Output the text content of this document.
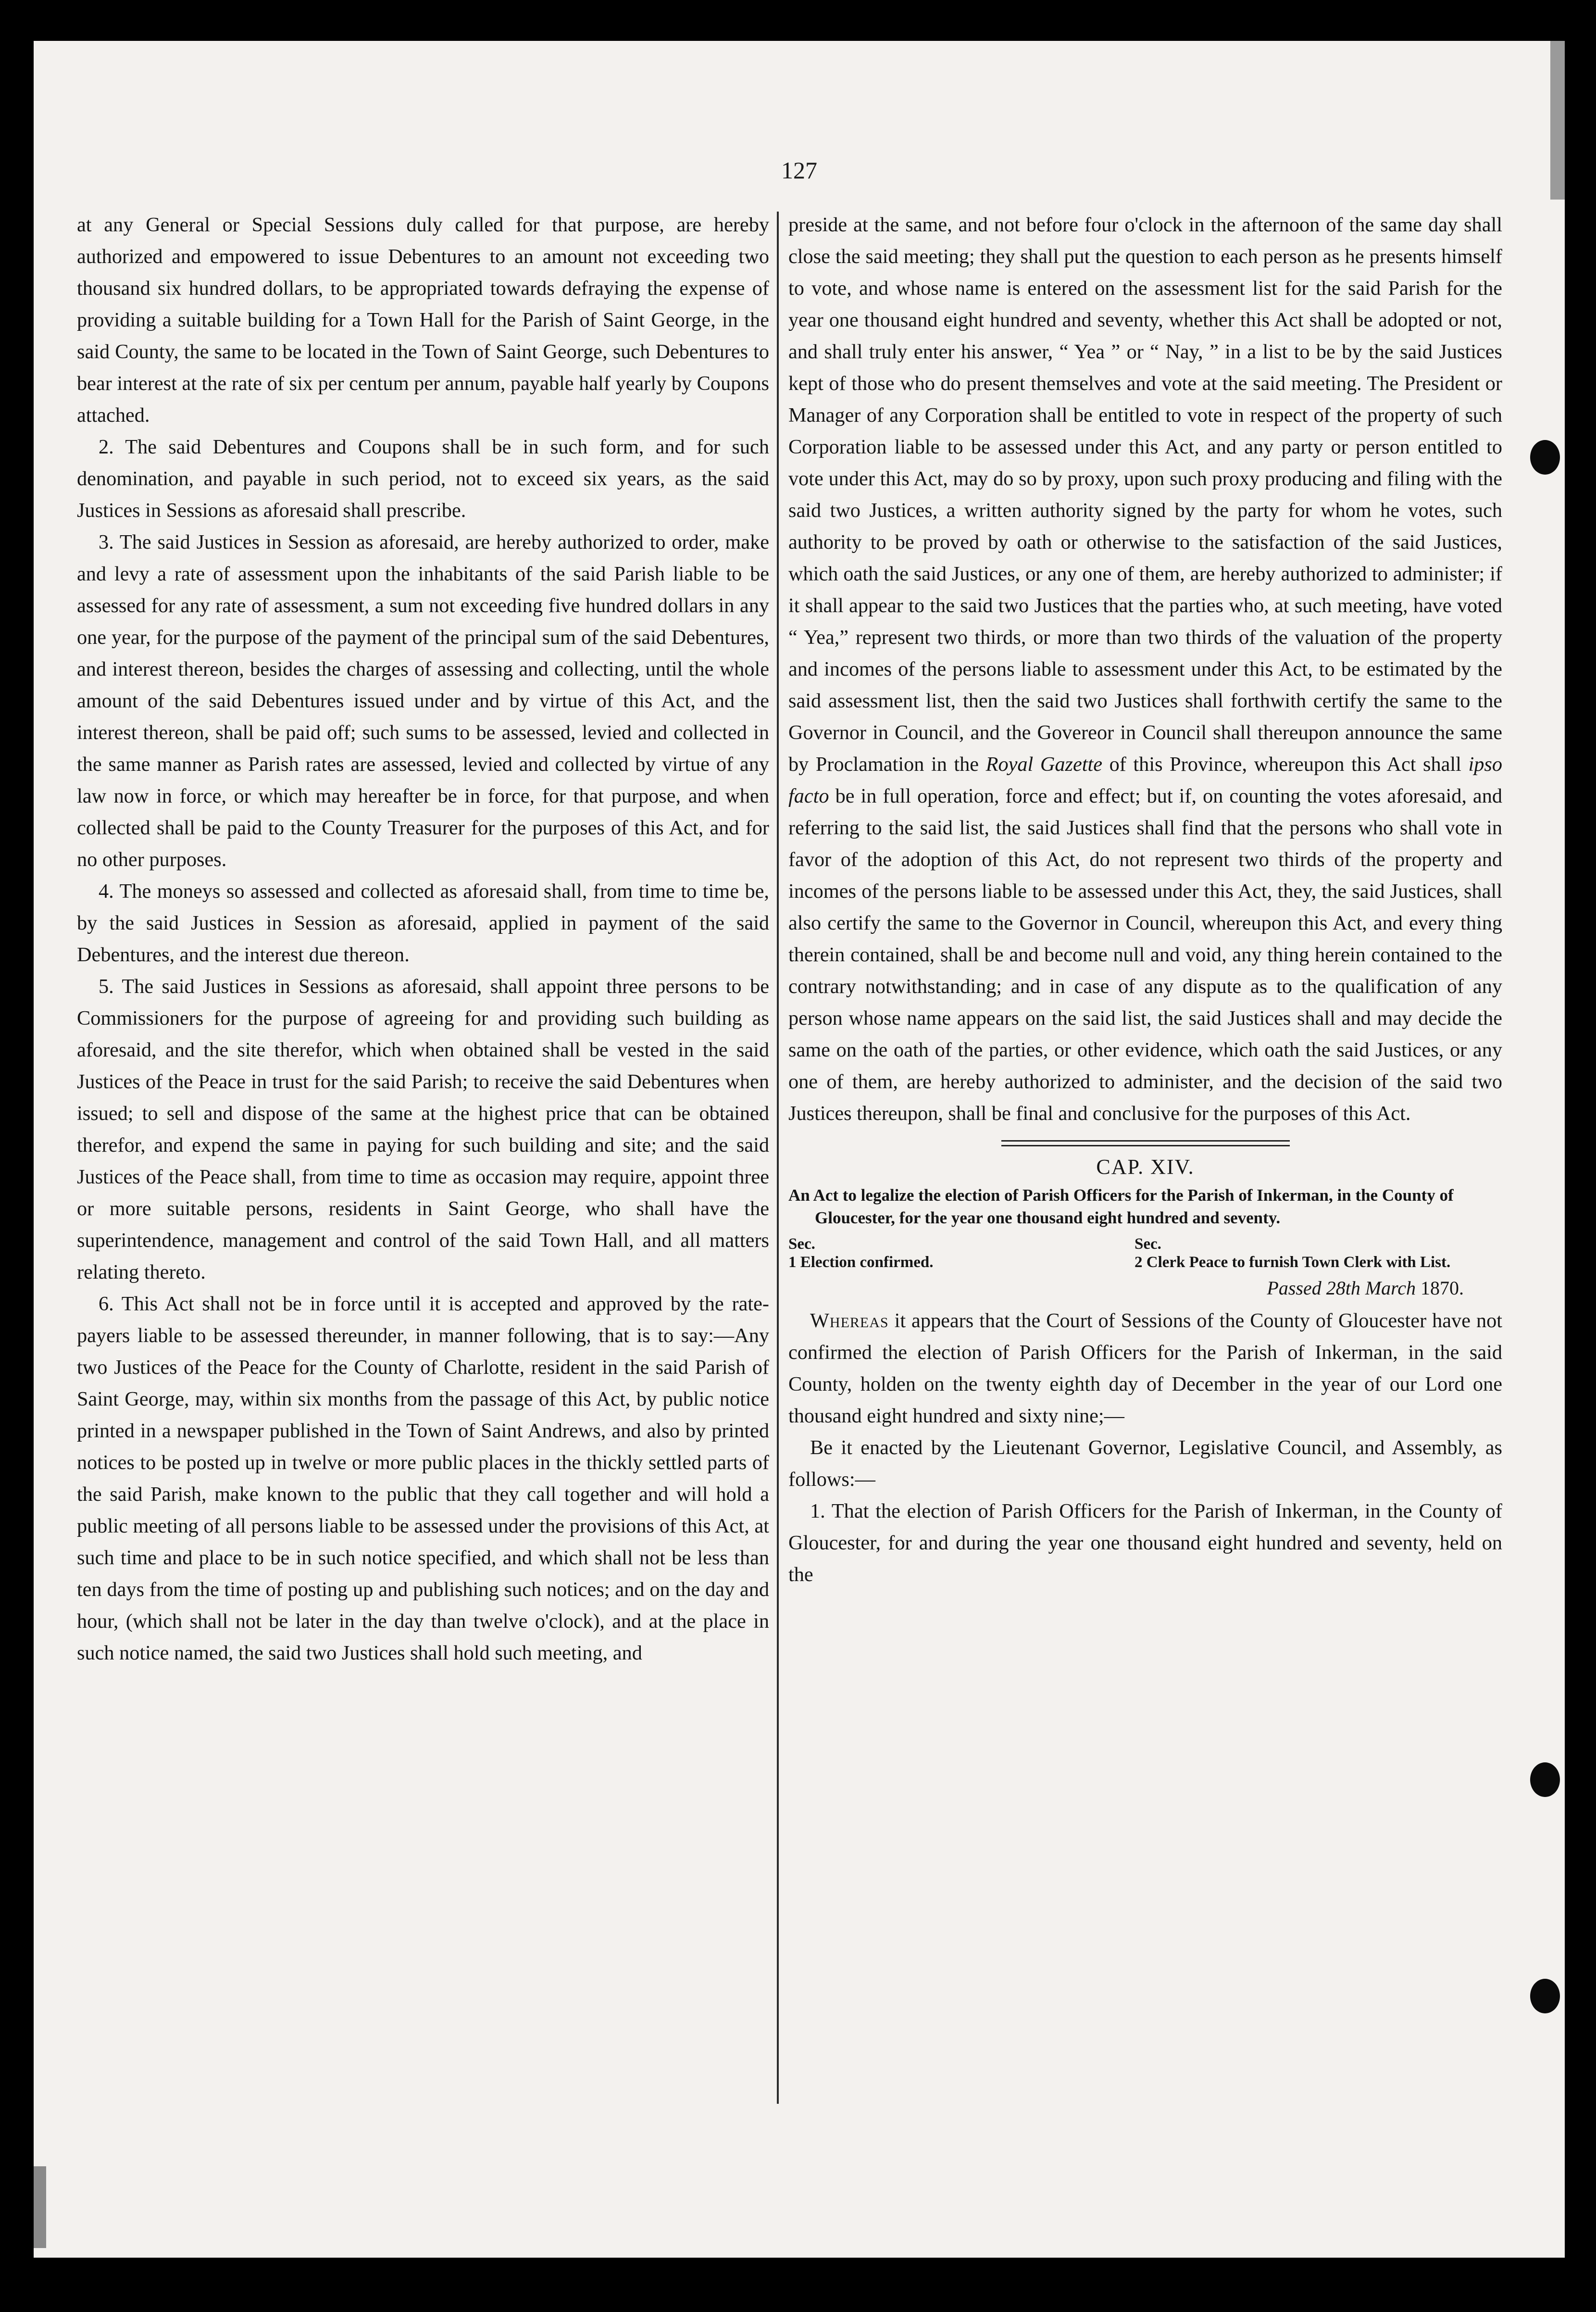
127

at any General or Special Sessions duly called for that purpose, are hereby authorized and empowered to issue Debentures to an amount not exceeding two thousand six hundred dollars, to be appropriated towards defraying the expense of providing a suitable building for a Town Hall for the Parish of Saint George, in the said County, the same to be located in the Town of Saint George, such Debentures to bear interest at the rate of six per centum per annum, payable half yearly by Coupons attached.

2. The said Debentures and Coupons shall be in such form, and for such denomination, and payable in such period, not to exceed six years, as the said Justices in Sessions as aforesaid shall prescribe.

3. The said Justices in Session as aforesaid, are hereby authorized to order, make and levy a rate of assessment upon the inhabitants of the said Parish liable to be assessed for any rate of assessment, a sum not exceeding five hundred dollars in any one year, for the purpose of the payment of the principal sum of the said Debentures, and interest thereon, besides the charges of assessing and collecting, until the whole amount of the said Debentures issued under and by virtue of this Act, and the interest thereon, shall be paid off; such sums to be assessed, levied and collected in the same manner as Parish rates are assessed, levied and collected by virtue of any law now in force, or which may hereafter be in force, for that purpose, and when collected shall be paid to the County Treasurer for the purposes of this Act, and for no other purposes.

4. The moneys so assessed and collected as aforesaid shall, from time to time be, by the said Justices in Session as aforesaid, applied in payment of the said Debentures, and the interest due thereon.

5. The said Justices in Sessions as aforesaid, shall appoint three persons to be Commissioners for the purpose of agreeing for and providing such building as aforesaid, and the site therefor, which when obtained shall be vested in the said Justices of the Peace in trust for the said Parish; to receive the said Debentures when issued; to sell and dispose of the same at the highest price that can be obtained therefor, and expend the same in paying for such building and site; and the said Justices of the Peace shall, from time to time as occasion may require, appoint three or more suitable persons, residents in Saint George, who shall have the superintendence, management and control of the said Town Hall, and all matters relating thereto.

6. This Act shall not be in force until it is accepted and approved by the rate-payers liable to be assessed thereunder, in manner following, that is to say:—Any two Justices of the Peace for the County of Charlotte, resident in the said Parish of Saint George, may, within six months from the passage of this Act, by public notice printed in a newspaper published in the Town of Saint Andrews, and also by printed notices to be posted up in twelve or more public places in the thickly settled parts of the said Parish, make known to the public that they call together and will hold a public meeting of all persons liable to be assessed under the provisions of this Act, at such time and place to be in such notice specified, and which shall not be less than ten days from the time of posting up and publishing such notices; and on the day and hour, (which shall not be later in the day than twelve o'clock), and at the place in such notice named, the said two Justices shall hold such meeting, and

preside at the same, and not before four o'clock in the afternoon of the same day shall close the said meeting; they shall put the question to each person as he presents himself to vote, and whose name is entered on the assessment list for the said Parish for the year one thousand eight hundred and seventy, whether this Act shall be adopted or not, and shall truly enter his answer, “ Yea ” or “ Nay, ” in a list to be by the said Justices kept of those who do present themselves and vote at the said meeting. The President or Manager of any Corporation shall be entitled to vote in respect of the property of such Corporation liable to be assessed under this Act, and any party or person entitled to vote under this Act, may do so by proxy, upon such proxy producing and filing with the said two Justices, a written authority signed by the party for whom he votes, such authority to be proved by oath or otherwise to the satisfaction of the said Justices, which oath the said Justices, or any one of them, are hereby authorized to administer; if it shall appear to the said two Justices that the parties who, at such meeting, have voted “ Yea,” represent two thirds, or more than two thirds of the valuation of the property and incomes of the persons liable to assessment under this Act, to be estimated by the said assessment list, then the said two Justices shall forthwith certify the same to the Governor in Council, and the Govereor in Council shall thereupon announce the same by Proclamation in the Royal Gazette of this Province, whereupon this Act shall ipso facto be in full operation, force and effect; but if, on counting the votes aforesaid, and referring to the said list, the said Justices shall find that the persons who shall vote in favor of the adoption of this Act, do not represent two thirds of the property and incomes of the persons liable to be assessed under this Act, they, the said Justices, shall also certify the same to the Governor in Council, whereupon this Act, and every thing therein contained, shall be and become null and void, any thing herein contained to the contrary notwithstanding; and in case of any dispute as to the qualification of any person whose name appears on the said list, the said Justices shall and may decide the same on the oath of the parties, or other evidence, which oath the said Justices, or any one of them, are hereby authorized to administer, and the decision of the said two Justices thereupon, shall be final and conclusive for the purposes of this Act.

CAP. XIV.

An Act to legalize the election of Parish Officers for the Parish of Inkerman, in the County of Gloucester, for the year one thousand eight hundred and seventy.

Sec.
1 Election confirmed.
Sec.
2 Clerk Peace to furnish Town Clerk with List.

Passed 28th March 1870.

Whereas it appears that the Court of Sessions of the County of Gloucester have not confirmed the election of Parish Officers for the Parish of Inkerman, in the said County, holden on the twenty eighth day of December in the year of our Lord one thousand eight hundred and sixty nine;—

Be it enacted by the Lieutenant Governor, Legislative Council, and Assembly, as follows:—

1. That the election of Parish Officers for the Parish of Inkerman, in the County of Gloucester, for and during the year one thousand eight hundred and seventy, held on the
